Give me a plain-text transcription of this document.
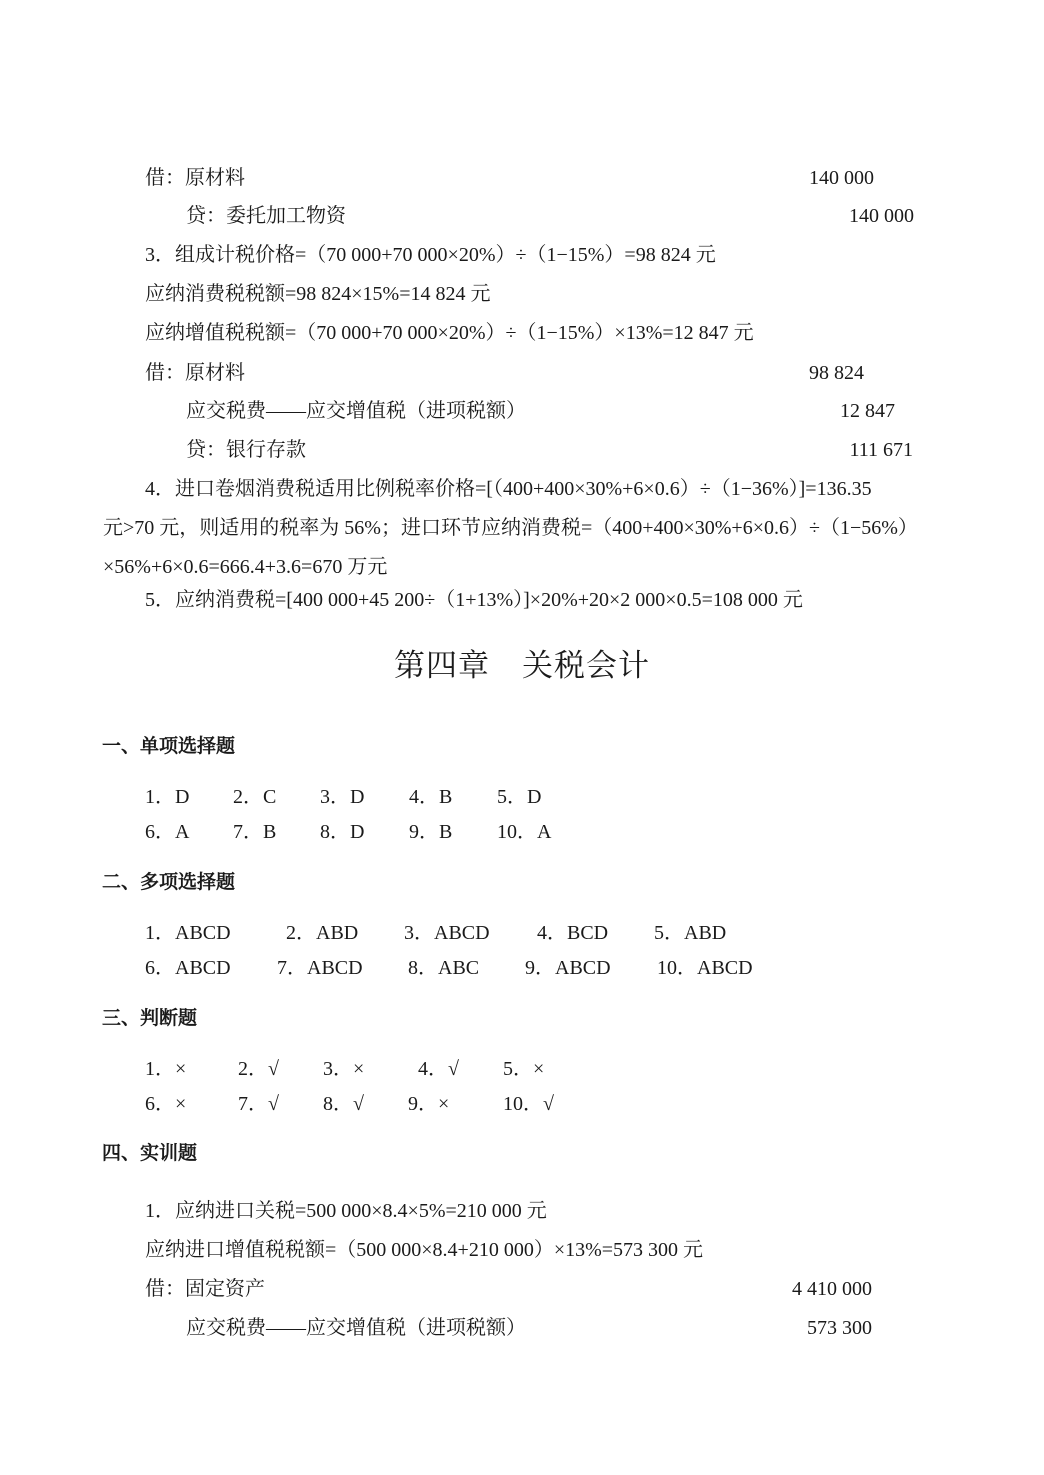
借：原材料	140 000
贷：委托加工物资	140 000
3．组成计税价格=（70 000+70 000×20%）÷（1−15%）=98 824 元
应纳消费税税额=98 824×15%=14 824 元
应纳增值税税额=（70 000+70 000×20%）÷（1−15%）×13%=12 847 元
借：原材料	98 824
应交税费——应交增值税（进项税额）	12 847
贷：银行存款	111 671
4．进口卷烟消费税适用比例税率价格=[（400+400×30%+6×0.6）÷（1−36%）]=136.35
元>70 元，则适用的税率为 56%；进口环节应纳消费税=（400+400×30%+6×0.6）÷（1−56%）
×56%+6×0.6=666.4+3.6=670 万元
5．应纳消费税=[400 000+45 200÷（1+13%）]×20%+20×2 000×0.5=108 000 元
第四章　关税会计
一、单项选择题
1．D 2．C 3．D 4．B 5．D
6．A 7．B 8．D 9．B 10．A
二、多项选择题
1．ABCD	2．ABD 3．ABCD 4．BCD 5．ABD
6．ABCD 7．ABCD 8．ABC 9．ABCD 10．ABCD
三、判断题
1．×	2．√ 3．×	4．√ 5．×
6．×	7．√ 8．√ 9．×	10．√
四、实训题
1．应纳进口关税=500 000×8.4×5%=210 000 元
应纳进口增值税税额=（500 000×8.4+210 000）×13%=573 300 元
借：固定资产	4 410 000
应交税费——应交增值税（进项税额）	573 300
